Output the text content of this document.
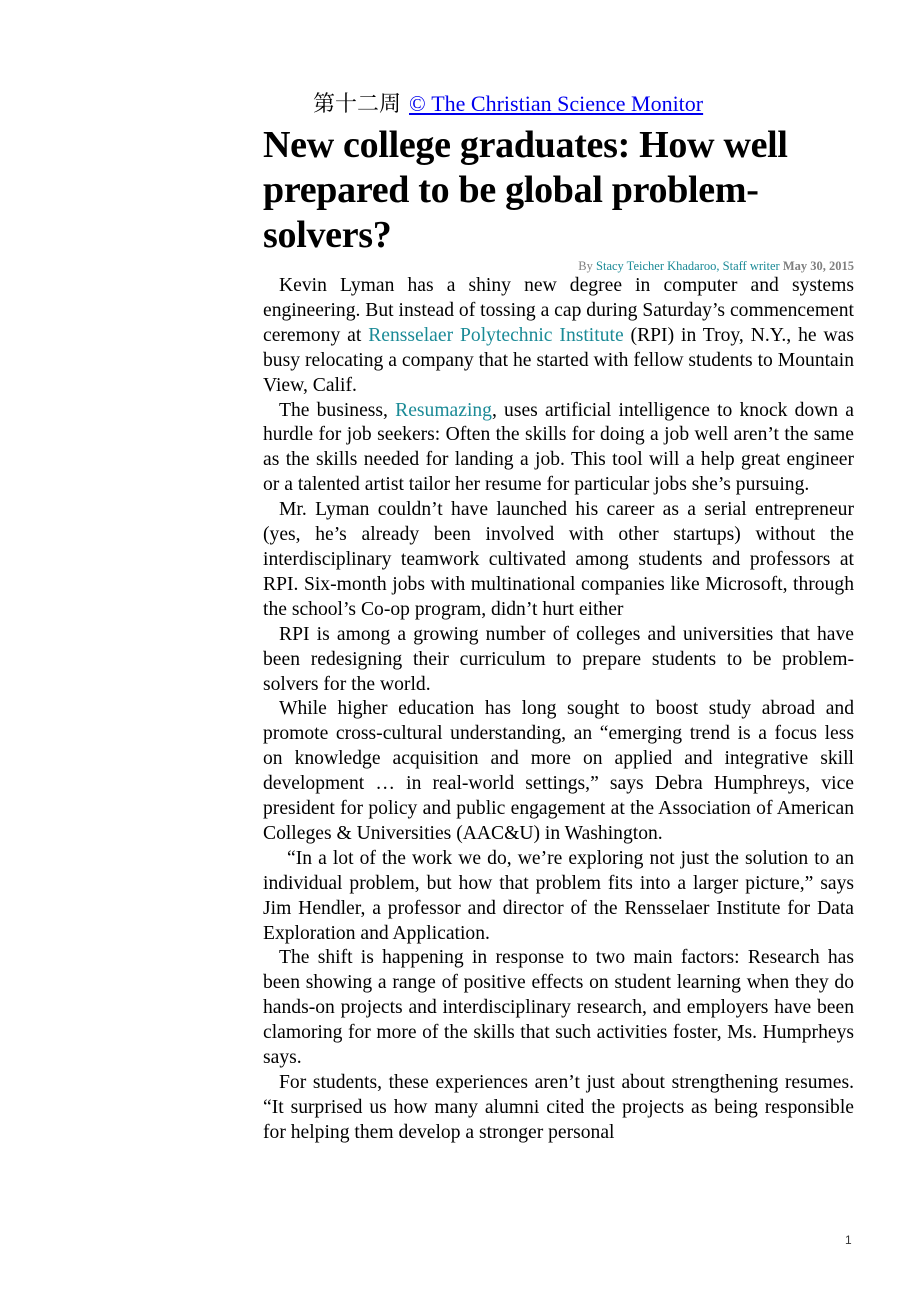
第十二周 © The Christian Science Monitor
New college graduates: How well prepared to be global problem-solvers?
By Stacy Teicher Khadaroo, Staff writer May 30, 2015

Kevin Lyman has a shiny new degree in computer and systems engineering. But instead of tossing a cap during Saturday’s commencement ceremony at Rensselaer Polytechnic Institute (RPI) in Troy, N.Y., he was busy relocating a company that he started with fellow students to Mountain View, Calif.

The business, Resumazing, uses artificial intelligence to knock down a hurdle for job seekers: Often the skills for doing a job well aren’t the same as the skills needed for landing a job. This tool will a help great engineer or a talented artist tailor her resume for particular jobs she’s pursuing.

Mr. Lyman couldn’t have launched his career as a serial entrepreneur (yes, he’s already been involved with other startups) without the interdisciplinary teamwork cultivated among students and professors at RPI. Six-month jobs with multinational companies like Microsoft, through the school’s Co-op program, didn’t hurt either

RPI is among a growing number of colleges and universities that have been redesigning their curriculum to prepare students to be problem-solvers for the world.

While higher education has long sought to boost study abroad and promote cross-cultural understanding, an “emerging trend is a focus less on knowledge acquisition and more on applied and integrative skill development … in real-world settings,” says Debra Humphreys, vice president for policy and public engagement at the Association of American Colleges & Universities (AAC&U) in Washington.

“In a lot of the work we do, we’re exploring not just the solution to an individual problem, but how that problem fits into a larger picture,” says Jim Hendler, a professor and director of the Rensselaer Institute for Data Exploration and Application.

The shift is happening in response to two main factors: Research has been showing a range of positive effects on student learning when they do hands-on projects and interdisciplinary research, and employers have been clamoring for more of the skills that such activities foster, Ms. Humprheys says.

For students, these experiences aren’t just about strengthening resumes. “It surprised us how many alumni cited the projects as being responsible for helping them develop a stronger personal

1
